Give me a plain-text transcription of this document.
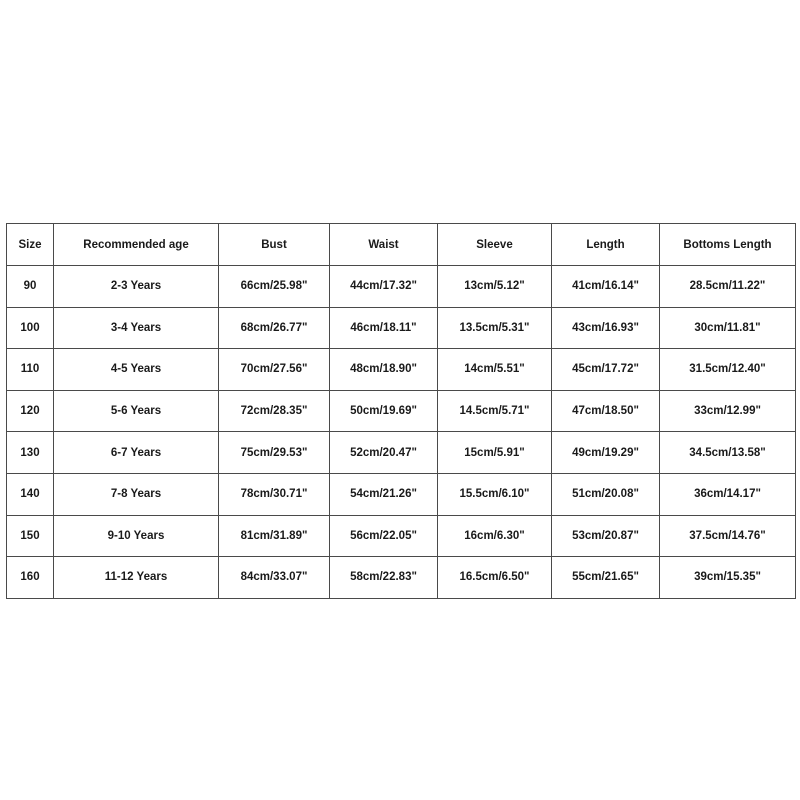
Size	Recommended age	Bust	Waist	Sleeve	Length	Bottoms Length
90	2-3 Years	66cm/25.98"	44cm/17.32"	13cm/5.12"	41cm/16.14"	28.5cm/11.22"
100	3-4 Years	68cm/26.77"	46cm/18.11"	13.5cm/5.31"	43cm/16.93"	30cm/11.81"
110	4-5 Years	70cm/27.56"	48cm/18.90"	14cm/5.51"	45cm/17.72"	31.5cm/12.40"
120	5-6 Years	72cm/28.35"	50cm/19.69"	14.5cm/5.71"	47cm/18.50"	33cm/12.99"
130	6-7 Years	75cm/29.53"	52cm/20.47"	15cm/5.91"	49cm/19.29"	34.5cm/13.58"
140	7-8 Years	78cm/30.71"	54cm/21.26"	15.5cm/6.10"	51cm/20.08"	36cm/14.17"
150	9-10 Years	81cm/31.89"	56cm/22.05"	16cm/6.30"	53cm/20.87"	37.5cm/14.76"
160	11-12 Years	84cm/33.07"	58cm/22.83"	16.5cm/6.50"	55cm/21.65"	39cm/15.35"
